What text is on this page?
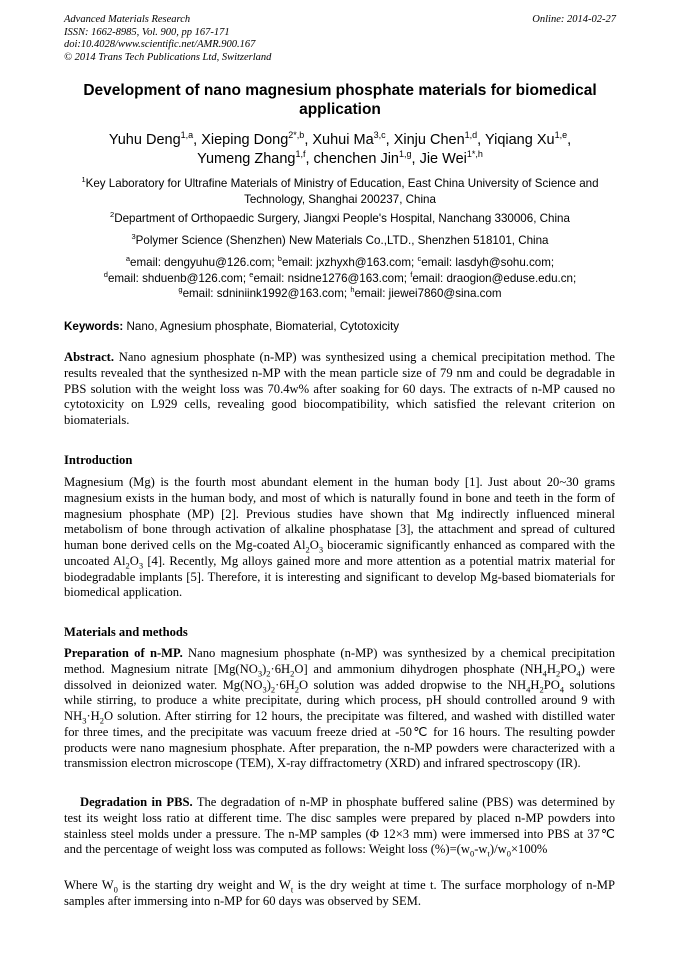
Advanced Materials Research
ISSN: 1662-8985, Vol. 900, pp 167-171
doi:10.4028/www.scientific.net/AMR.900.167
© 2014 Trans Tech Publications Ltd, Switzerland
Online: 2014-02-27
Development of nano magnesium phosphate materials for biomedical
application
Yuhu Deng$^{1,a}$, Xieping Dong$^{2*,b}$, Xuhui Ma$^{3,c}$, Xinju Chen$^{1,d}$, Yiqiang Xu$^{1,e}$,
Yumeng Zhang$^{1,f}$, chenchen Jin$^{1,g}$, Jie Wei$^{1*,h}$
$^1$Key Laboratory for Ultrafine Materials of Ministry of Education, East China University of Science and
Technology, Shanghai 200237, China
$^2$Department of Orthopaedic Surgery, Jiangxi People's Hospital, Nanchang 330006, China
$^3$Polymer Science (Shenzhen) New Materials Co.,LTD., Shenzhen 518101, China
$^a$email: dengyuhu@126.com; $^b$email: jxzhyxh@163.com; $^c$email: lasdyh@sohu.com;
$^d$email: shduenb@126.com; $^e$email: nsidne1276@163.com; $^f$email: draogion@eduse.edu.cn;
$^g$email: sdniniink1992@163.com; $^h$email: jiewei7860@sina.com
Keywords: Nano, Agnesium phosphate, Biomaterial, Cytotoxicity
Abstract. Nano agnesium phosphate (n-MP) was synthesized using a chemical precipitation method. The results revealed that the synthesized n-MP with the mean particle size of 79 nm and could be degradable in PBS solution with the weight loss was 70.4w% after soaking for 60 days. The extracts of n-MP caused no cytotoxicity on L929 cells, revealing good biocompatibility, which satisfied the relevant criterion on biomaterials.
Introduction
Magnesium (Mg) is the fourth most abundant element in the human body [1]. Just about 20~30 grams magnesium exists in the human body, and most of which is naturally found in bone and teeth in the form of magnesium phosphate (MP) [2]. Previous studies have shown that Mg indirectly influenced mineral metabolism of bone through activation of alkaline phosphatase [3], the attachment and spread of cultured human bone derived cells on the Mg-coated $Al_2O_3$ bioceramic significantly enhanced as compared with the uncoated $Al_2O_3$ [4]. Recently, Mg alloys gained more and more attention as a potential matrix material for biodegradable implants [5]. Therefore, it is interesting and significant to develop Mg-based biomaterials for biomedical application.
Materials and methods
Preparation of n-MP. Nano magnesium phosphate (n-MP) was synthesized by a chemical precipitation method. Magnesium nitrate $[Mg(NO_3)_2\cdot 6H_2O]$ and ammonium dihydrogen phosphate $(NH_4H_2PO_4)$ were dissolved in deionized water. $Mg(NO_3)_2\cdot 6H_2O$ solution was added dropwise to the $NH_4H_2PO_4$ solutions while stirring, to produce a white precipitate, during which process, pH should controlled around 9 with $NH_3\cdot H_2O$ solution. After stirring for 12 hours, the precipitate was filtered, and washed with distilled water for three times, and the precipitate was vacuum freeze dried at -50℃ for 16 hours. The resulting powder products were nano magnesium phosphate. After preparation, the n-MP powders were characterized with a transmission electron microscope (TEM), X-ray diffractometry (XRD) and infrared spectroscopy (IR).
Degradation in PBS. The degradation of n-MP in phosphate buffered saline (PBS) was determined by test its weight loss ratio at different time. The disc samples were prepared by placed n-MP powders into stainless steel molds under a pressure. The n-MP samples (Φ 12×3 mm) were immersed into PBS at 37℃ and the percentage of weight loss was computed as follows: Weight loss $(\%)=(w_0-w_t)/w_0\times 100\%$
Where $W_0$ is the starting dry weight and $W_t$ is the dry weight at time t. The surface morphology of n-MP samples after immersing into n-MP for 60 days was observed by SEM.
